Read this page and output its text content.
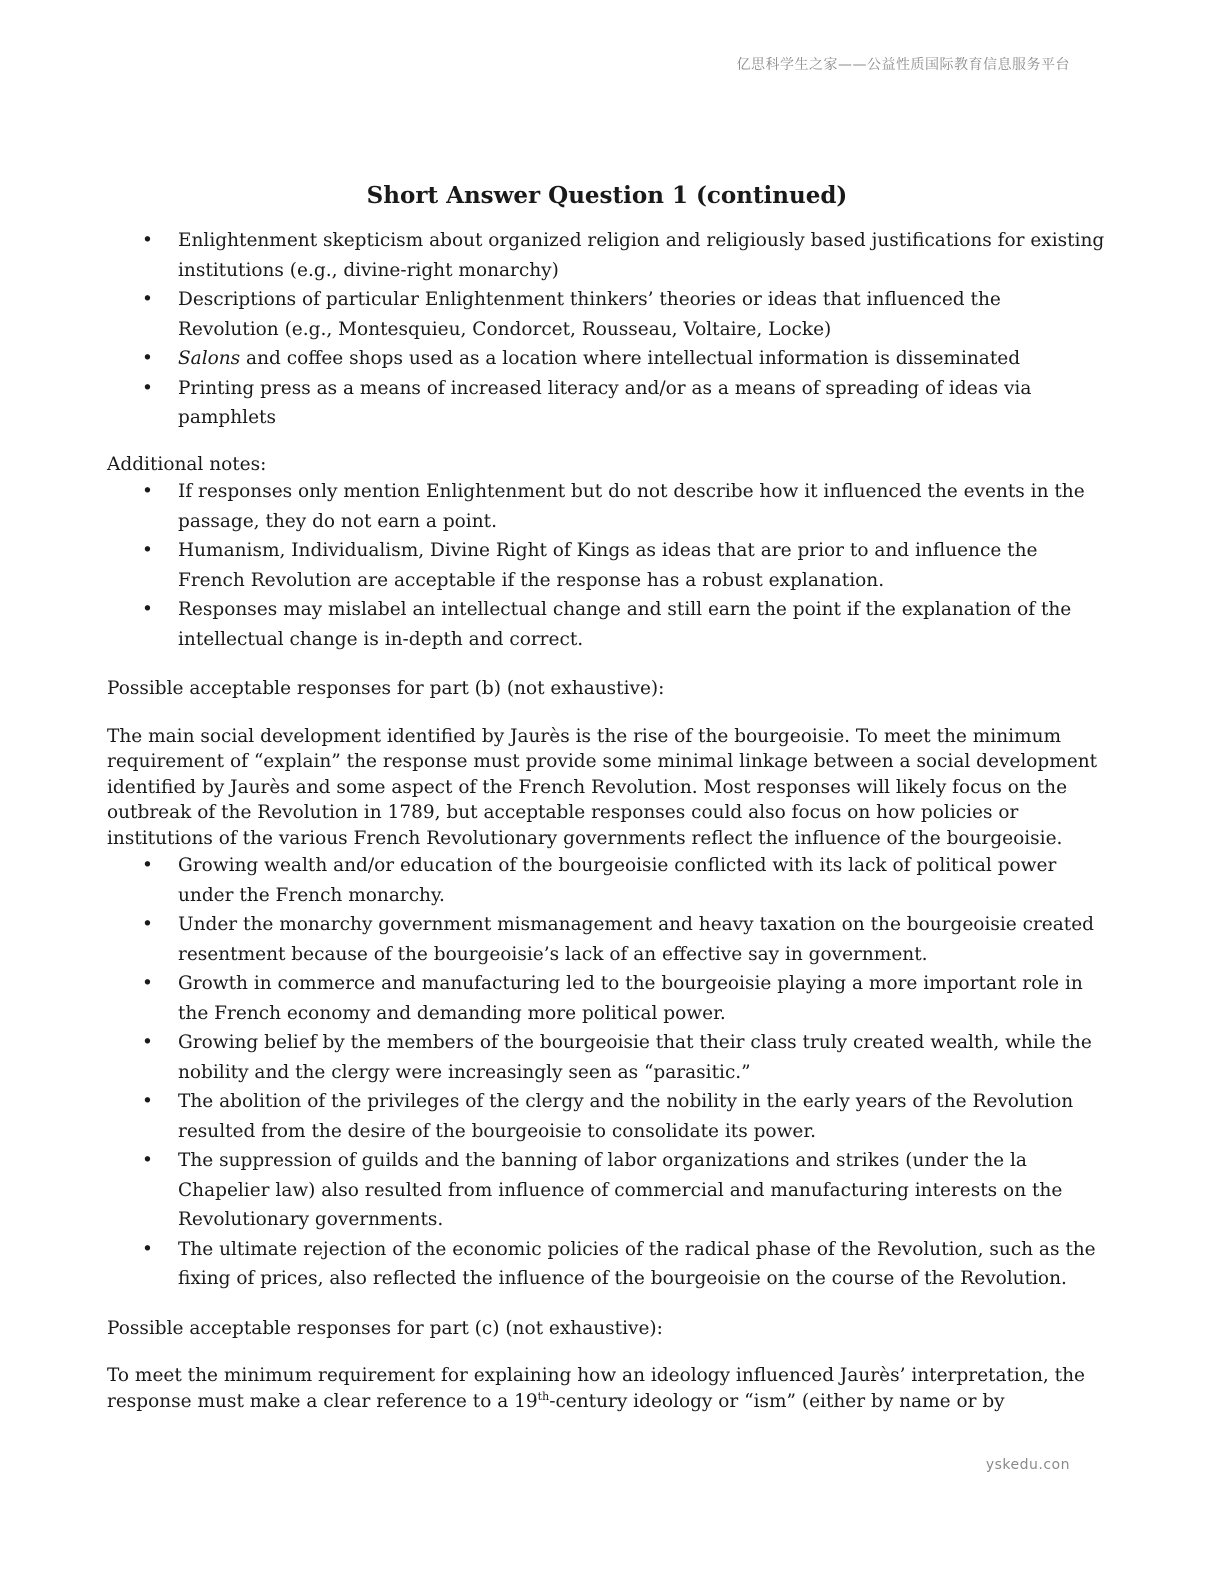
亿思科学生之家——公益性质国际教育信息服务平台
Short Answer Question 1 (continued)
• Enlightenment skepticism about organized religion and religiously based justifications for existing institutions (e.g., divine-right monarchy)
• Descriptions of particular Enlightenment thinkers’ theories or ideas that influenced the Revolution (e.g., Montesquieu, Condorcet, Rousseau, Voltaire, Locke)
• Salons and coffee shops used as a location where intellectual information is disseminated
• Printing press as a means of increased literacy and/or as a means of spreading of ideas via pamphlets

Additional notes:

• If responses only mention Enlightenment but do not describe how it influenced the events in the passage, they do not earn a point.
• Humanism, Individualism, Divine Right of Kings as ideas that are prior to and influence the French Revolution are acceptable if the response has a robust explanation.
• Responses may mislabel an intellectual change and still earn the point if the explanation of the intellectual change is in-depth and correct.

Possible acceptable responses for part (b) (not exhaustive):

The main social development identified by Jaurès is the rise of the bourgeoisie. To meet the minimum requirement of “explain” the response must provide some minimal linkage between a social development identified by Jaurès and some aspect of the French Revolution. Most responses will likely focus on the outbreak of the Revolution in 1789, but acceptable responses could also focus on how policies or institutions of the various French Revolutionary governments reflect the influence of the bourgeoisie.

• Growing wealth and/or education of the bourgeoisie conflicted with its lack of political power under the French monarchy.
• Under the monarchy government mismanagement and heavy taxation on the bourgeoisie created resentment because of the bourgeoisie’s lack of an effective say in government.
• Growth in commerce and manufacturing led to the bourgeoisie playing a more important role in the French economy and demanding more political power.
• Growing belief by the members of the bourgeoisie that their class truly created wealth, while the nobility and the clergy were increasingly seen as “parasitic.”
• The abolition of the privileges of the clergy and the nobility in the early years of the Revolution resulted from the desire of the bourgeoisie to consolidate its power.
• The suppression of guilds and the banning of labor organizations and strikes (under the la Chapelier law) also resulted from influence of commercial and manufacturing interests on the Revolutionary governments.
• The ultimate rejection of the economic policies of the radical phase of the Revolution, such as the fixing of prices, also reflected the influence of the bourgeoisie on the course of the Revolution.

Possible acceptable responses for part (c) (not exhaustive):

To meet the minimum requirement for explaining how an ideology influenced Jaurès’ interpretation, the response must make a clear reference to a 19th-century ideology or “ism” (either by name or by

yskedu.con
